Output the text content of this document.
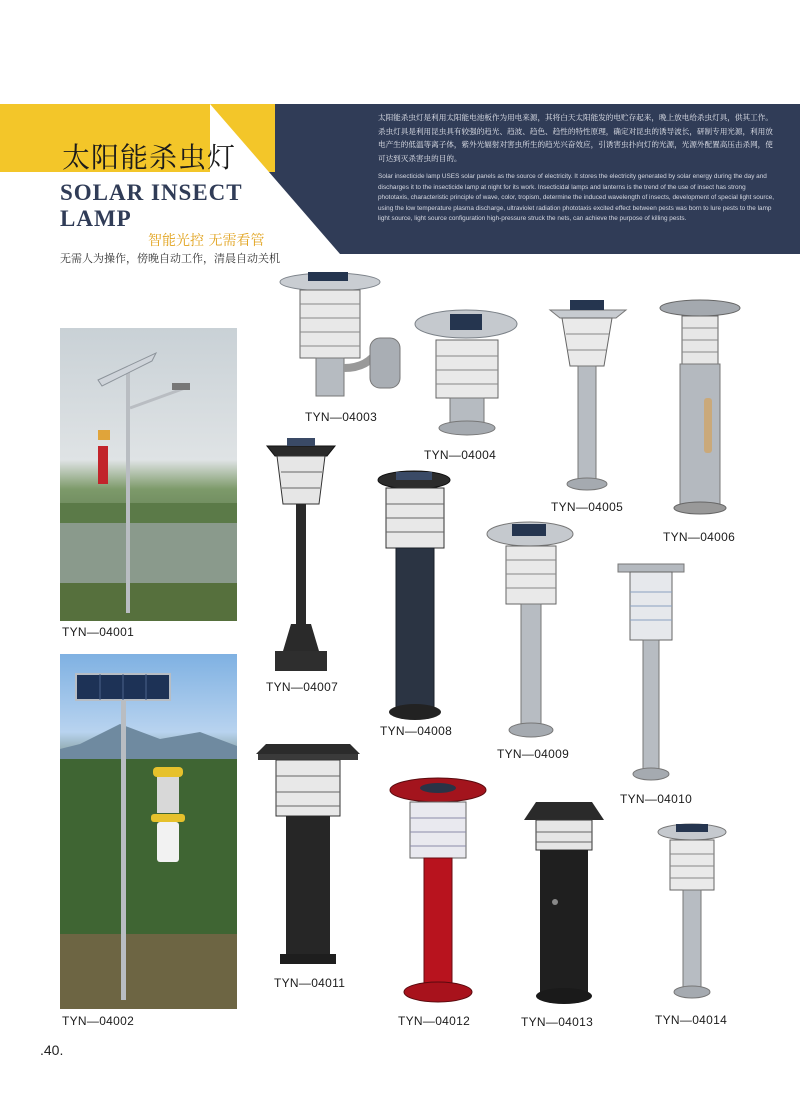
太阳能杀虫灯
SOLAR INSECT
LAMP
智能光控 无需看管
无需人为操作，傍晚自动工作，清晨自动关机
太阳能杀虫灯是利用太阳能电池板作为用电来源，其将白天太阳能发的电贮存起来，晚上放电给杀虫灯具，供其工作。杀虫灯具是利用昆虫具有较强的趋光、趋波、趋色、趋性的特性原理，确定对昆虫的诱导波长，研制专用光源，利用放电产生的低温等离子体，紫外光辐射对害虫所生的趋光兴奋效应，引诱害虫扑向灯的光源，光源外配置高压击杀网，使可达到灭杀害虫的目的。
Solar insecticide lamp USES solar panels as the source of electricity. It stores the electricity generated by solar energy during the day and discharges it to the insecticide lamp at night for its work. Insecticidal lamps and lanterns is the trend of the use of insect has strong phototaxis, characteristic principle of wave, color, tropism, determine the induced wavelength of insects, development of special light source, using the low temperature plasma discharge, ultraviolet radiation phototaxis excited effect between pests was born to lure pests to the lamp light source, light source configuration high-pressure struck the nets, can achieve the purpose of killing pests.
TYN—04001
TYN—04002
TYN—04003
TYN—04004
TYN—04005
TYN—04006
TYN—04007
TYN—04008
TYN—04009
TYN—04010
TYN—04011
TYN—04012	TYN—04013	TYN—04014
.40.
